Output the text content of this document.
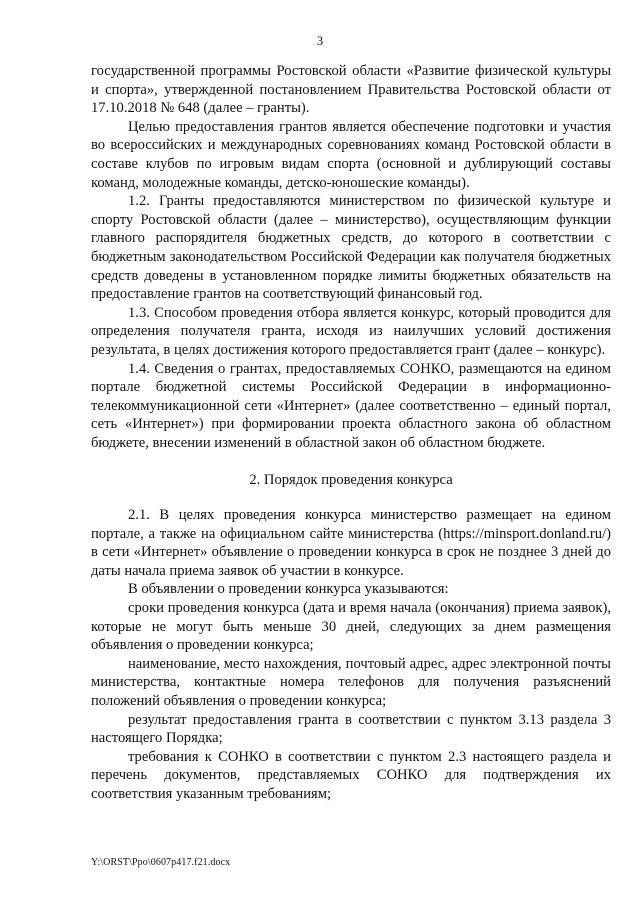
3

государственной программы Ростовской области «Развитие физической культуры и спорта», утвержденной постановлением Правительства Ростовской области от 17.10.2018 № 648 (далее – гранты).

Целью предоставления грантов является обеспечение подготовки и участия во всероссийских и международных соревнованиях команд Ростовской области в составе клубов по игровым видам спорта (основной и дублирующий составы команд, молодежные команды, детско-юношеские команды).

1.2. Гранты предоставляются министерством по физической культуре и спорту Ростовской области (далее – министерство), осуществляющим функции главного распорядителя бюджетных средств, до которого в соответствии с бюджетным законодательством Российской Федерации как получателя бюджетных средств доведены в установленном порядке лимиты бюджетных обязательств на предоставление грантов на соответствующий финансовый год.

1.3. Способом проведения отбора является конкурс, который проводится для определения получателя гранта, исходя из наилучших условий достижения результата, в целях достижения которого предоставляется грант (далее – конкурс).

1.4. Сведения о грантах, предоставляемых СОНКО, размещаются на едином портале бюджетной системы Российской Федерации в информационно-телекоммуникационной сети «Интернет» (далее соответственно – единый портал, сеть «Интернет») при формировании проекта областного закона об областном бюджете, внесении изменений в областной закон об областном бюджете.

2. Порядок проведения конкурса

2.1. В целях проведения конкурса министерство размещает на едином портале, а также на официальном сайте министерства (https://minsport.donland.ru/) в сети «Интернет» объявление о проведении конкурса в срок не позднее 3 дней до даты начала приема заявок об участии в конкурсе.

В объявлении о проведении конкурса указываются:

сроки проведения конкурса (дата и время начала (окончания) приема заявок), которые не могут быть меньше 30 дней, следующих за днем размещения объявления о проведении конкурса;

наименование, место нахождения, почтовый адрес, адрес электронной почты министерства, контактные номера телефонов для получения разъяснений положений объявления о проведении конкурса;

результат предоставления гранта в соответствии с пунктом 3.13 раздела 3 настоящего Порядка;

требования к СОНКО в соответствии с пунктом 2.3 настоящего раздела и перечень документов, представляемых СОНКО для подтверждения их соответствия указанным требованиям;

Y:\ORST\Ppo\0607p417.f21.docx
